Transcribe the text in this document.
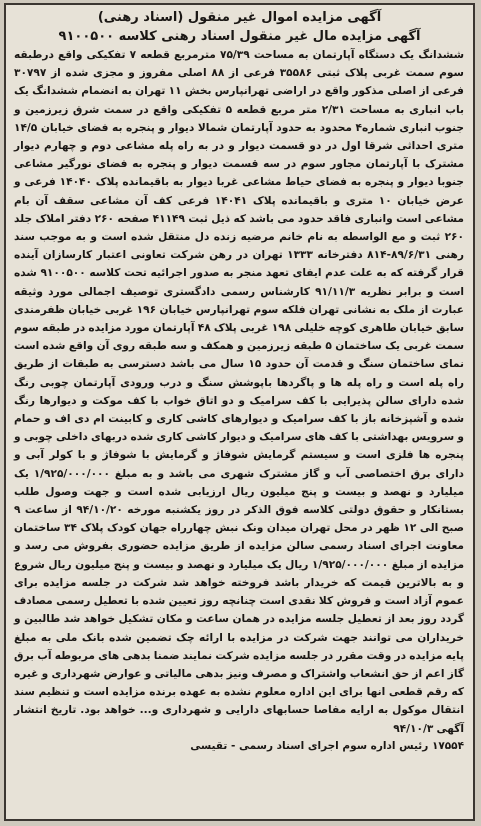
آگهی مزایده اموال غیر منقول (اسناد رهنی)
آگهی مزایده مال غیر منقول اسناد رهنی کلاسه ۹۱۰۰۵۰۰

ششدانگ یک دستگاه آپارتمان به مساحت ۷۵/۳۹ مترمربع قطعه ۷ تفکیکی واقع درطبقه سوم سمت غربی پلاک ثبتی ۳۵۵۸۶ فرعی از ۸۸ اصلی مفروز و مجزی شده از ۳۰۷۹۷ فرعی از اصلی مذکور واقع در اراضی تهرانپارس بخش ۱۱ تهران به انضمام ششدانگ یک باب انباری به مساحت ۲/۳۱ متر مربع قطعه ۵ تفکیکی واقع در سمت شرق زیرزمین و جنوب انباری شماره۴ محدود به حدود آپارتمان شمالا دیوار و پنجره به فضای خیابان ۱۴/۵ متری احداثی شرقا اول در دو قسمت دیوار و در به راه پله مشاعی دوم و چهارم دیوار مشترک با آپارتمان مجاور سوم در سه قسمت دیوار و پنجره به فضای نورگیر مشاعی جنوبا دیوار و پنجره به فضای حیاط مشاعی غربا دیوار به باقیمانده پلاک ۱۴۰۴۰ فرعی و عرض خیابان ۱۰ متری و باقیمانده پلاک ۱۴۰۴۱ فرعی کف آن مشاعی سقف آن بام مشاعی است وانباری فاقد حدود می باشد که ذیل ثبت ۴۱۱۴۹ صفحه ۲۶۰ دفتر املاک جلد ۲۶۰ ثبت و مع الواسطه به نام خانم مرضیه زنده دل منتقل شده است و به موجب سند رهنی ۸۹/۶/۳۱-۸۱۴ دفترخانه ۱۳۳۳ تهران در رهن شرکت تعاونی اعتبار کارسازان آینده قرار گرفته که به علت عدم ایفای تعهد منجر به صدور اجرائیه تحت کلاسه ۹۱۰۰۵۰۰ شده است و برابر نظریه ۹۱/۱۱/۳ کارشناس رسمی دادگستری توصیف اجمالی مورد وثیقه عبارت از ملک به نشانی تهران فلکه سوم تهرانپارس خیابان ۱۹۶ غربی خیابان ظفرمندی سابق خیابان طاهری کوچه خلیلی ۱۹۸ غربی پلاک ۴۸ آپارتمان مورد مزایده در طبقه سوم سمت غربی یک ساختمان ۵ طبقه زیرزمین و همکف و سه طبقه روی آن واقع شده است نمای ساختمان سنگ و قدمت آن حدود ۱۵ سال می باشد دسترسی به طبقات از طریق راه پله است و راه پله ها و پاگردها باپوشش سنگ و درب ورودی آپارتمان چوبی رنگ شده دارای سالن پذیرایی با کف سرامیک و دو اتاق خواب با کف موکت و دیوارها رنگ شده و آشپزخانه باز با کف سرامیک و دیوارهای کاشی کاری و کابینت ام دی اف و حمام و سرویس بهداشتی با کف های سرامیک و دیوار کاشی کاری شده دربهای داخلی چوبی و پنجره ها فلزی است و سیستم گرمایش شوفاژ و گرمایش با شوفاژ و با کولر آبی و دارای برق اختصاصی آب و گاز مشترک شهری می باشد و به مبلغ ۱/۹۲۵/۰۰۰/۰۰۰ یک میلیارد و نهصد و بیست و پنج میلیون ریال ارزیابی شده است و جهت وصول طلب بستانکار و حقوق دولتی کلاسه فوق الذکر در روز یکشنبه مورخه ۹۴/۱۰/۲۰ از ساعت ۹ صبح الی ۱۲ ظهر در محل تهران میدان ونک نبش چهارراه جهان کودک پلاک ۳۴ ساختمان معاونت اجرای اسناد رسمی سالن مزایده از طریق مزایده حضوری بفروش می رسد و مزایده از مبلغ ۱/۹۲۵/۰۰۰/۰۰۰ ریال یک میلیارد و نهصد و بیست و پنج میلیون ریال شروع و به بالاترین قیمت که خریدار باشد فروخته خواهد شد شرکت در جلسه مزایده برای عموم آزاد است و فروش کلا نقدی است چنانچه روز تعیین شده با تعطیل رسمی مصادف گردد روز بعد از تعطیل جلسه مزایده در همان ساعت و مکان تشکیل خواهد شد طالبین و خریداران می توانند جهت شرکت در مزایده با ارائه چک تضمین شده بانک ملی به مبلغ پایه مزایده در وقت مقرر در جلسه مزایده شرکت نمایند ضمنا بدهی های مربوطه آب برق گاز اعم از حق انشعاب واشتراک و مصرف ونیز بدهی مالیاتی و عوارض شهرداری و غیره که رقم قطعی انها برای این اداره معلوم نشده به عهده برنده مزایده است و تنظیم سند انتقال موکول به ارایه مفاصا حسابهای دارایی و شهرداری و... خواهد بود. تاریخ انتشار آگهی ۹۴/۱۰/۳

۱۷۵۵۴ رئیس اداره سوم اجرای اسناد رسمی - تقیسی
